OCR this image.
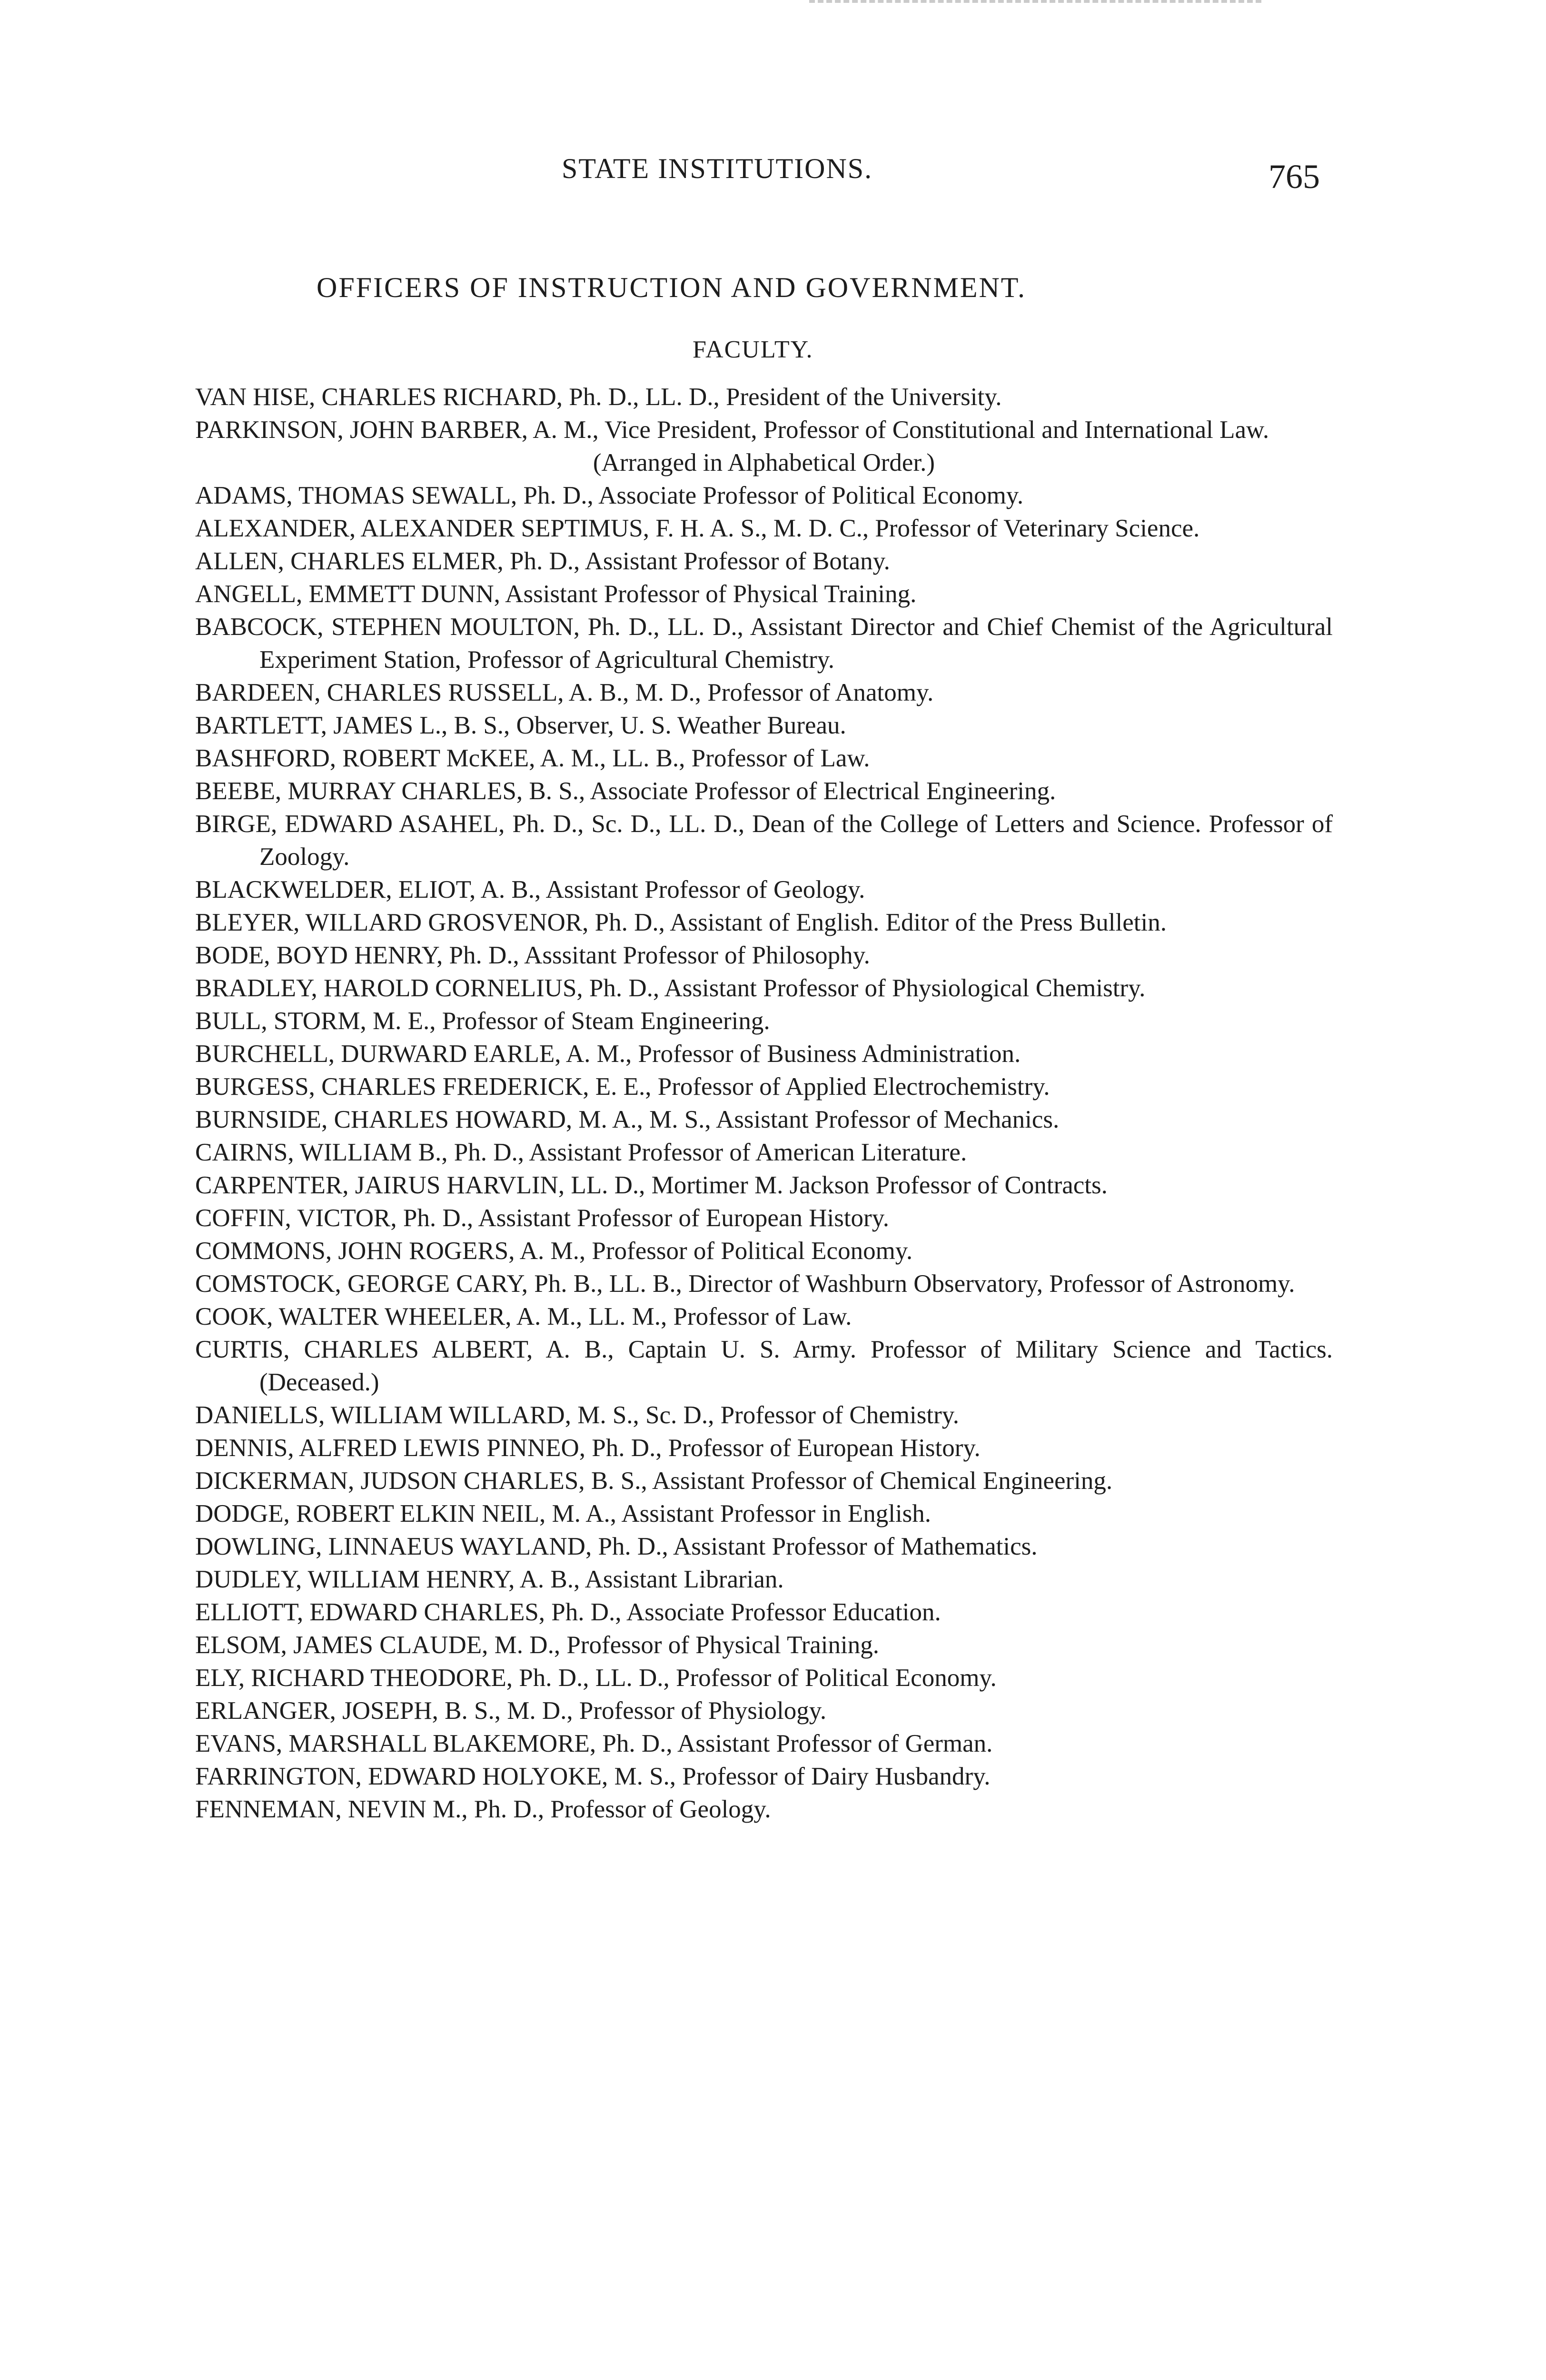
STATE INSTITUTIONS.	765
OFFICERS OF INSTRUCTION AND GOVERNMENT.
FACULTY.

VAN HISE, CHARLES RICHARD, Ph. D., LL. D., President of the University.

PARKINSON, JOHN BARBER, A. M., Vice President, Professor of Constitutional and International Law.

(Arranged in Alphabetical Order.)

ADAMS, THOMAS SEWALL, Ph. D., Associate Professor of Political Economy.

ALEXANDER, ALEXANDER SEPTIMUS, F. H. A. S., M. D. C., Professor of Veterinary Science.

ALLEN, CHARLES ELMER, Ph. D., Assistant Professor of Botany.

ANGELL, EMMETT DUNN, Assistant Professor of Physical Training.

BABCOCK, STEPHEN MOULTON, Ph. D., LL. D., Assistant Director and Chief Chemist of the Agricultural Experiment Station, Professor of Agricultural Chemistry.

BARDEEN, CHARLES RUSSELL, A. B., M. D., Professor of Anatomy.

BARTLETT, JAMES L., B. S., Observer, U. S. Weather Bureau.

BASHFORD, ROBERT McKEE, A. M., LL. B., Professor of Law.

BEEBE, MURRAY CHARLES, B. S., Associate Professor of Electrical Engineering.

BIRGE, EDWARD ASAHEL, Ph. D., Sc. D., LL. D., Dean of the College of Letters and Science. Professor of Zoology.

BLACKWELDER, ELIOT, A. B., Assistant Professor of Geology.

BLEYER, WILLARD GROSVENOR, Ph. D., Assistant of English. Editor of the Press Bulletin.

BODE, BOYD HENRY, Ph. D., Asssitant Professor of Philosophy.

BRADLEY, HAROLD CORNELIUS, Ph. D., Assistant Professor of Physiological Chemistry.

BULL, STORM, M. E., Professor of Steam Engineering.

BURCHELL, DURWARD EARLE, A. M., Professor of Business Administration.

BURGESS, CHARLES FREDERICK, E. E., Professor of Applied Electrochemistry.

BURNSIDE, CHARLES HOWARD, M. A., M. S., Assistant Professor of Mechanics.

CAIRNS, WILLIAM B., Ph. D., Assistant Professor of American Literature.

CARPENTER, JAIRUS HARVLIN, LL. D., Mortimer M. Jackson Professor of Contracts.

COFFIN, VICTOR, Ph. D., Assistant Professor of European History.

COMMONS, JOHN ROGERS, A. M., Professor of Political Economy.

COMSTOCK, GEORGE CARY, Ph. B., LL. B., Director of Washburn Observatory, Professor of Astronomy.

COOK, WALTER WHEELER, A. M., LL. M., Professor of Law.

CURTIS, CHARLES ALBERT, A. B., Captain U. S. Army. Professor of Military Science and Tactics. (Deceased.)

DANIELLS, WILLIAM WILLARD, M. S., Sc. D., Professor of Chemistry.

DENNIS, ALFRED LEWIS PINNEO, Ph. D., Professor of European History.

DICKERMAN, JUDSON CHARLES, B. S., Assistant Professor of Chemical Engineering.

DODGE, ROBERT ELKIN NEIL, M. A., Assistant Professor in English.

DOWLING, LINNAEUS WAYLAND, Ph. D., Assistant Professor of Mathematics.

DUDLEY, WILLIAM HENRY, A. B., Assistant Librarian.

ELLIOTT, EDWARD CHARLES, Ph. D., Associate Professor Education.

ELSOM, JAMES CLAUDE, M. D., Professor of Physical Training.

ELY, RICHARD THEODORE, Ph. D., LL. D., Professor of Political Economy.

ERLANGER, JOSEPH, B. S., M. D., Professor of Physiology.

EVANS, MARSHALL BLAKEMORE, Ph. D., Assistant Professor of German.

FARRINGTON, EDWARD HOLYOKE, M. S., Professor of Dairy Husbandry.

FENNEMAN, NEVIN M., Ph. D., Professor of Geology.
